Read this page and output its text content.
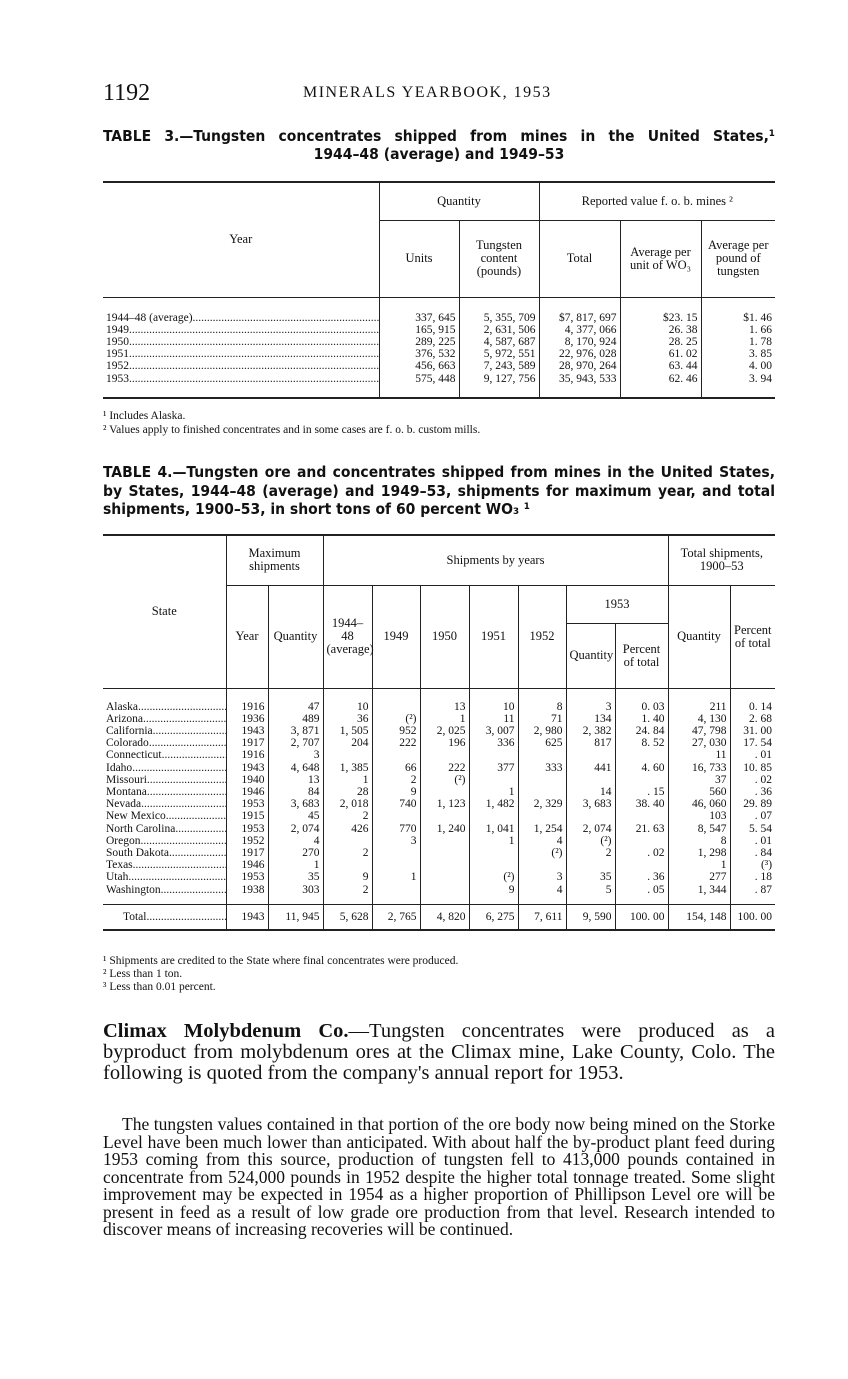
1192	MINERALS YEARBOOK, 1953
TABLE 3.—Tungsten concentrates shipped from mines in the United States,¹
1944–48 (average) and 1949–53
Year	Quantity		Reported value f. o. b. mines ²		
	Units	Tungsten content (pounds)	Total	Average per unit of WO₃	Average per pound of tungsten
1944–48 (average) .....	337, 645	5, 355, 709	$7, 817, 697	$23. 15	$1. 46
1949 .....	165, 915	2, 631, 506	4, 377, 066	26. 38	1. 66
1950 .....	289, 225	4, 587, 687	8, 170, 924	28. 25	1. 78
1951 .....	376, 532	5, 972, 551	22, 976, 028	61. 02	3. 85
1952 .....	456, 663	7, 243, 589	28, 970, 264	63. 44	4. 00
1953 .....	575, 448	9, 127, 756	35, 943, 533	62. 46	3. 94
¹ Includes Alaska.
² Values apply to finished concentrates and in some cases are f. o. b. custom mills.
TABLE 4.—Tungsten ore and concentrates shipped from mines in the United States, by States, 1944–48 (average) and 1949–53, shipments for maximum year, and total shipments, 1900–53, in short tons of 60 percent WO₃ ¹
State	Maximum shipments		Shipments by years							Total shipments, 1900–53	
	Year	Quantity	1944–48 (average)	1949	1950	1951	1952	1953		Quantity	Percent of total
								Quantity	Percent of total		
Alaska .....	1916	47	10		13	10	8	3	0. 03	211	0. 14
Arizona .....	1936	489	36	(²)	1	11	71	134	1. 40	4, 130	2. 68
California .....	1943	3, 871	1, 505	952	2, 025	3, 007	2, 980	2, 382	24. 84	47, 798	31. 00
Colorado .....	1917	2, 707	204	222	196	336	625	817	8. 52	27, 030	17. 54
Connecticut .....	1916	3								11	. 01
Idaho .....	1943	4, 648	1, 385	66	222	377	333	441	4. 60	16, 733	10. 85
Missouri .....	1940	13	1	2	(²)					37	. 02
Montana .....	1946	84	28	9		1		14	. 15	560	. 36
Nevada .....	1953	3, 683	2, 018	740	1, 123	1, 482	2, 329	3, 683	38. 40	46, 060	29. 89
New Mexico .....	1915	45	2							103	. 07
North Carolina .....	1953	2, 074	426	770	1, 240	1, 041	1, 254	2, 074	21. 63	8, 547	5. 54
Oregon .....	1952	4		3		1	4	(²)		8	. 01
South Dakota .....	1917	270	2				(²)	2	. 02	1, 298	. 84
Texas .....	1946	1								1	(³)
Utah .....	1953	35	9	1		(²)	3	35	. 36	277	. 18
Washington .....	1938	303	2			9	4	5	. 05	1, 344	. 87
Total .....	1943	11, 945	5, 628	2, 765	4, 820	6, 275	7, 611	9, 590	100. 00	154, 148	100. 00
¹ Shipments are credited to the State where final concentrates were produced.
² Less than 1 ton.
³ Less than 0.01 percent.
Climax Molybdenum Co.—Tungsten concentrates were produced as a byproduct from molybdenum ores at the Climax mine, Lake County, Colo. The following is quoted from the company's annual report for 1953.
The tungsten values contained in that portion of the ore body now being mined on the Storke Level have been much lower than anticipated. With about half the by-product plant feed during 1953 coming from this source, production of tungsten fell to 413,000 pounds contained in concentrate from 524,000 pounds in 1952 despite the higher total tonnage treated. Some slight improvement may be expected in 1954 as a higher proportion of Phillipson Level ore will be present in feed as a result of low grade ore production from that level. Research intended to discover means of increasing recoveries will be continued.
